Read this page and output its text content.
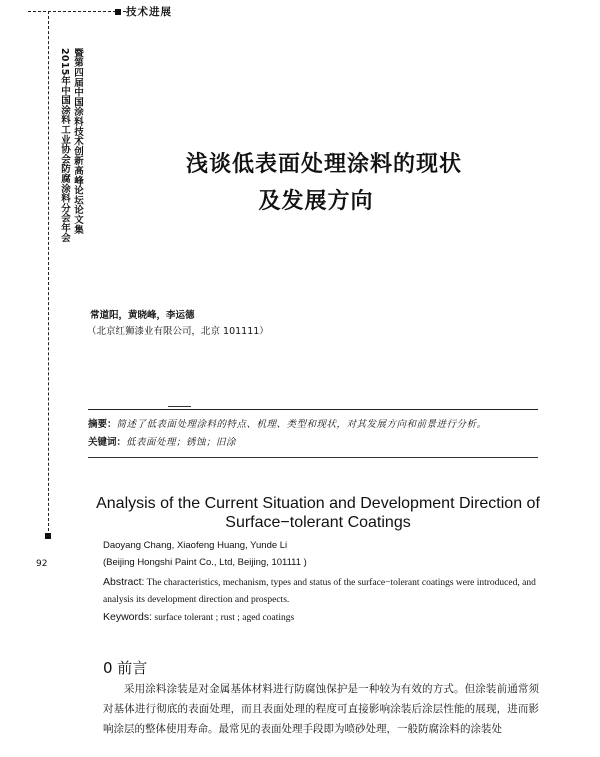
技术进展
2015年中国涂料工业协会防腐涂料分会年会 暨第四届中国涂料技术创新高峰论坛论文集
92
浅谈低表面处理涂料的现状
及发展方向
常道阳，黄晓峰，李运德
（北京红狮漆业有限公司，北京 101111）
摘要：简述了低表面处理涂料的特点、机理、类型和现状，对其发展方向和前景进行分析。
关键词：低表面处理；锈蚀；旧涂
Analysis of the Current Situation and Development Direction of
Surface−tolerant Coatings
Daoyang Chang, Xiaofeng Huang, Yunde Li
(Beijing Hongshi Paint Co., Ltd, Beijing, 101111 )
Abstract: The characteristics, mechanism, types and status of the surface−tolerant coatings were introduced, and analysis its development direction and prospects.
Keywords: surface tolerant ; rust ; aged coatings
0 前言
采用涂料涂装是对金属基体材料进行防腐蚀保护是一种较为有效的方式。但涂装前通常须对基体进行彻底的表面处理，而且表面处理的程度可直接影响涂装后涂层性能的展现，进而影响涂层的整体使用寿命。最常见的表面处理手段即为喷砂处理，一般防腐涂料的涂装处
